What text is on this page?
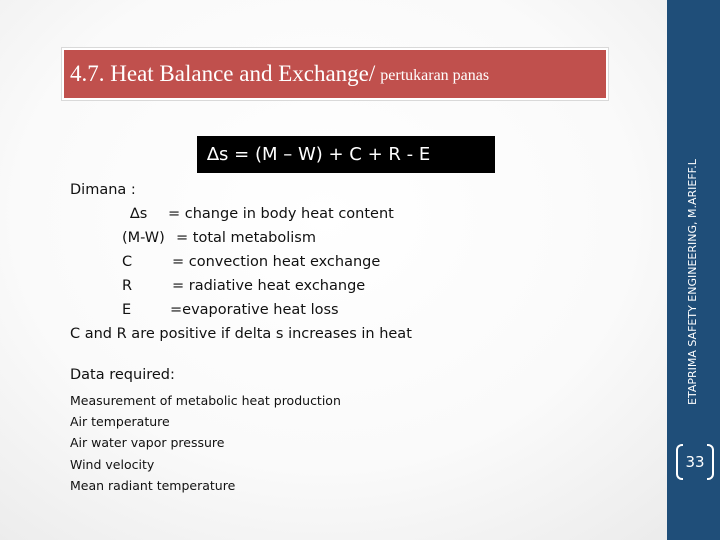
4.7. Heat Balance and Exchange/ pertukaran panas
∆s = (M – W) + C + R - E
Dimana :
∆s = change in body heat content
(M-W) = total metabolism
C	= convection heat exchange
R	= radiative heat exchange
E	=evaporative heat loss
C and R are positive if delta s increases in heat
Data required:
Measurement of metabolic heat production
Air temperature
Air water vapor pressure
Wind velocity
Mean radiant temperature
ETAPRIMA SAFETY ENGINEERING, M.ARIEFF.L
33
